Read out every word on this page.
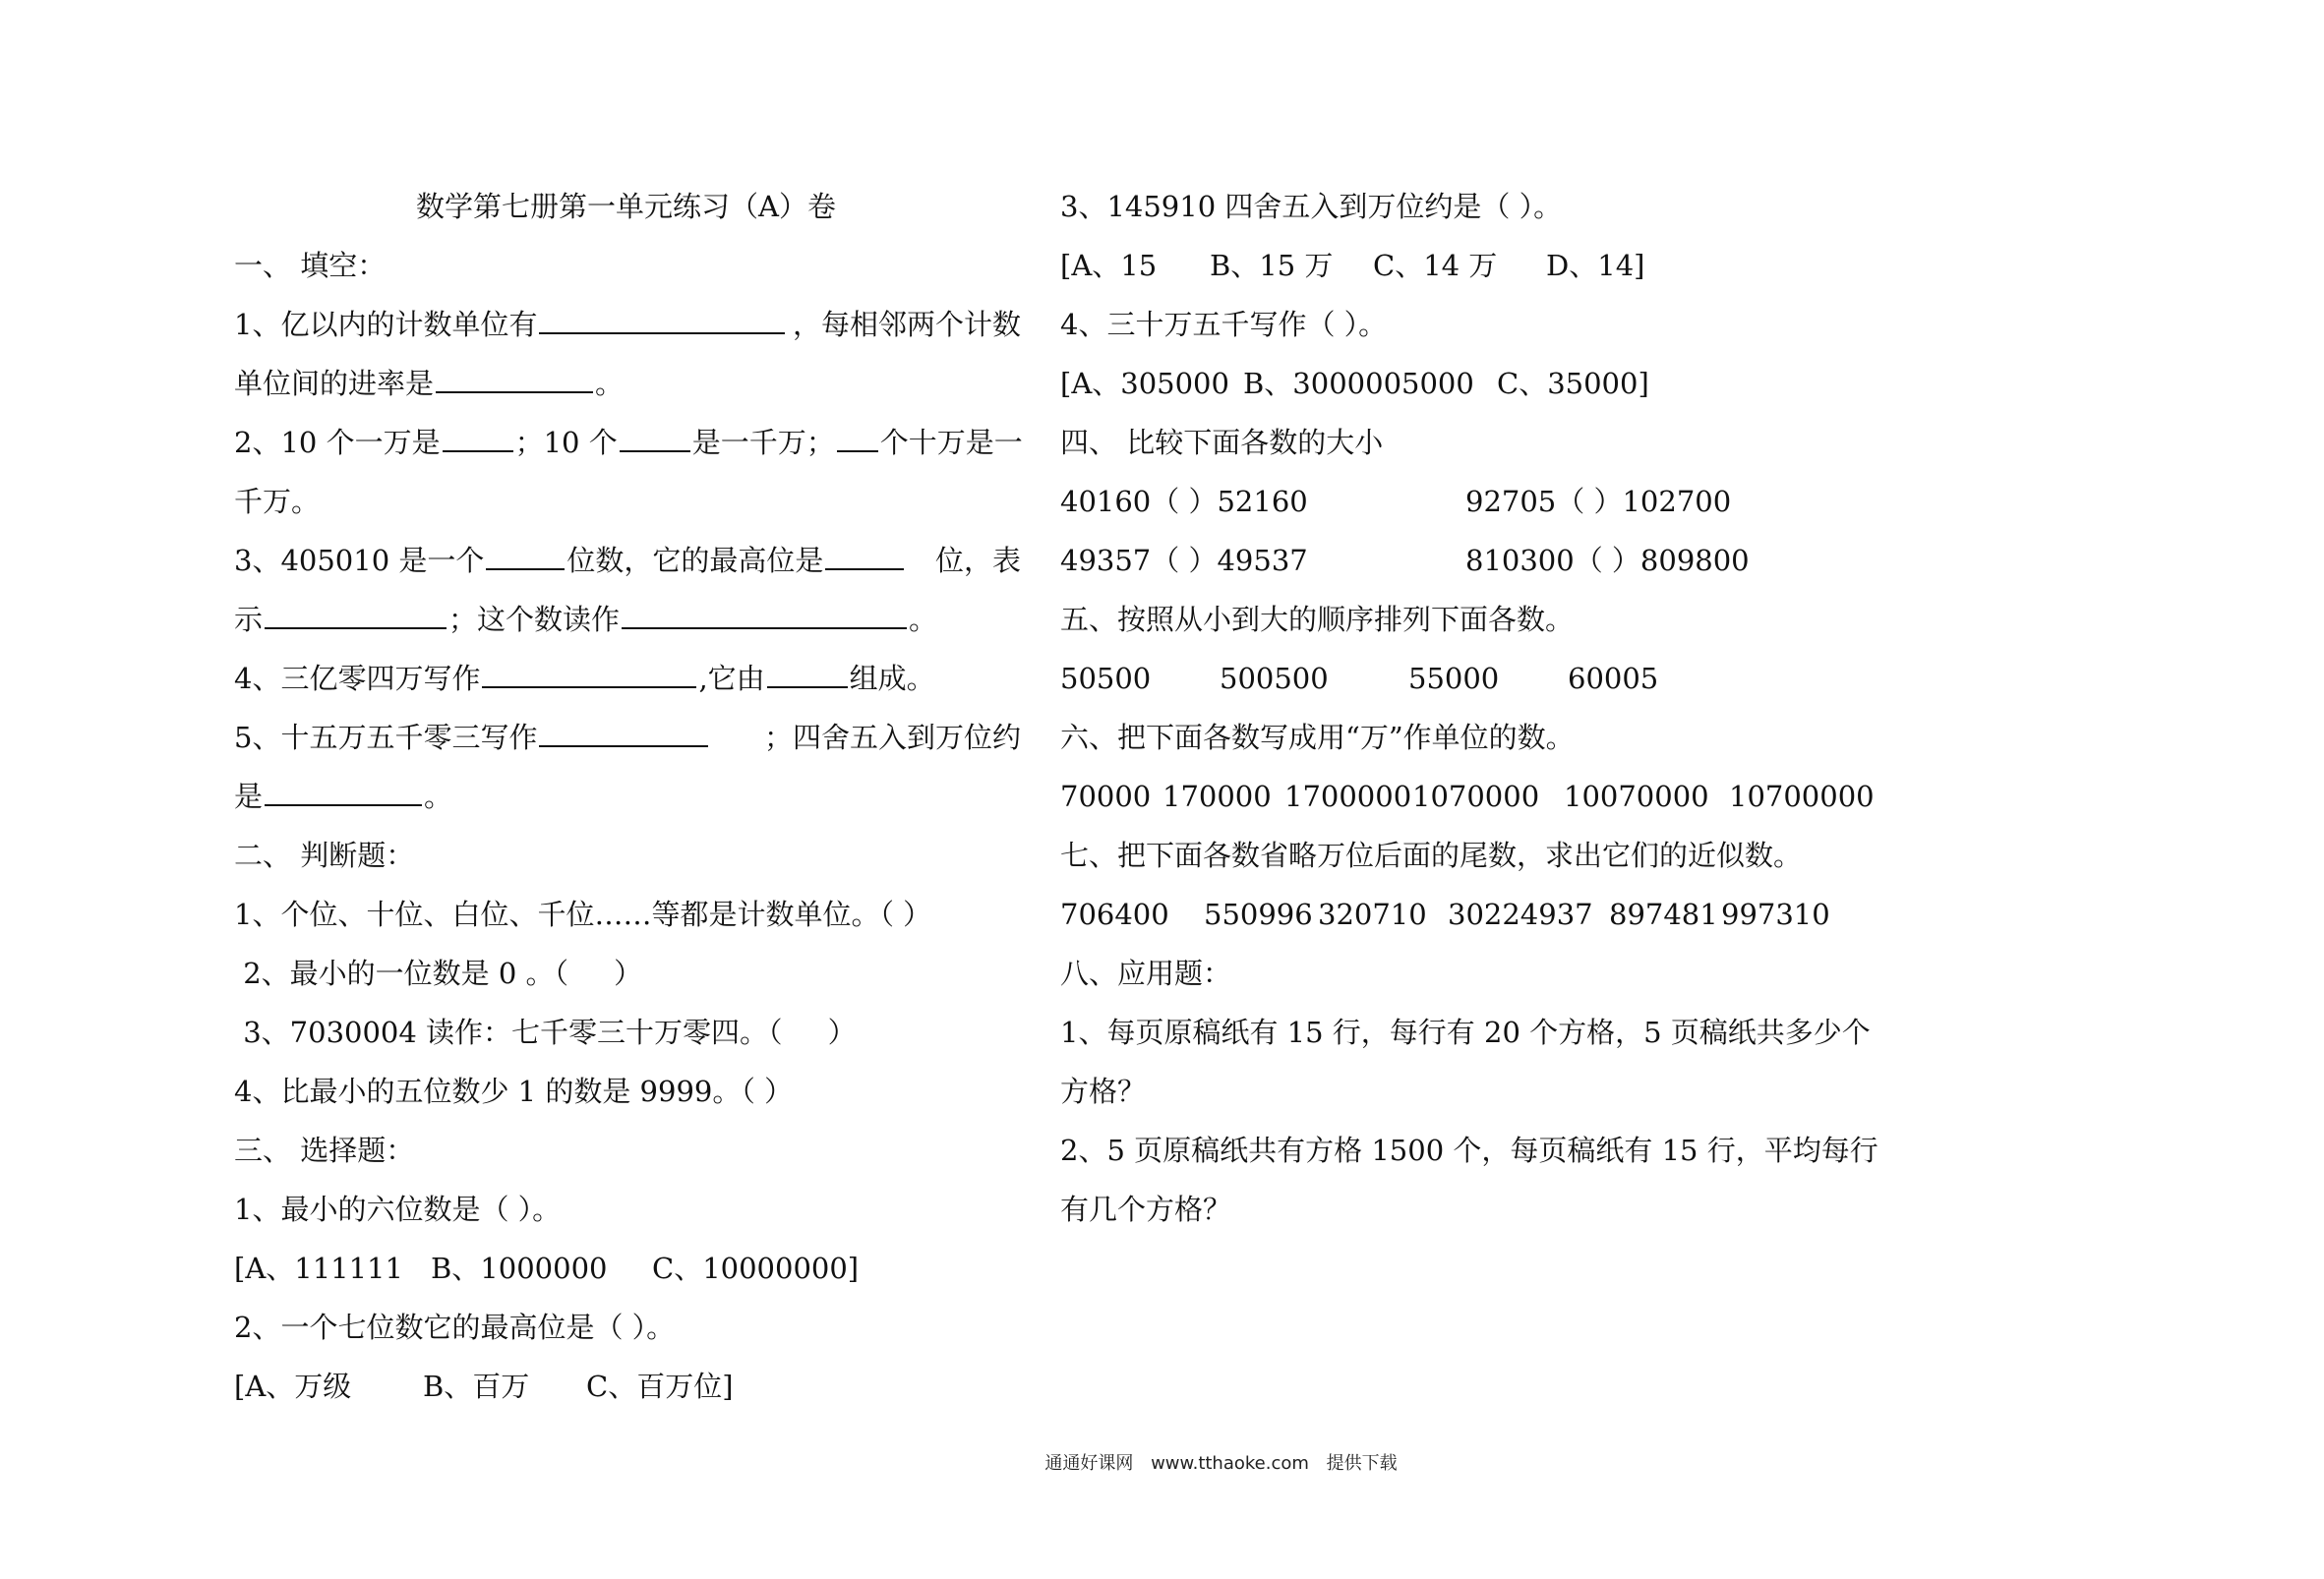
数学第七册第一单元练习（A）卷
一、 填空：
1、亿以内的计数单位有	，每相邻两个计数
单位间的进率是	。
2、10 个一万是	；10 个	是一千万； 个十万是一
千万。
3、405010 是一个	位数，它的最高位是	位，表
示	；这个数读作	。
4、三亿零四万写作	,它由	组成。
5、十五万五千零三写作	；四舍五入到万位约
是	。
二、 判断题：
1、个位、十位、白位、千位……等都是计数单位。（ ）
2、最小的一位数是 0 。（     ）
3、7030004 读作：七千零三十万零四。（     ）
4、比最小的五位数少 1 的数是 9999。（ ）
三、 选择题：
1、最小的六位数是（ ）。
[A、111111 B、1000000 C、10000000]
2、一个七位数它的最高位是（ ）。
[A、万级	B、百万 C、百万位]
3、145910 四舍五入到万位约是（ ）。
[A、15 B、15 万 C、14 万 D、14]
4、三十万五千写作（ ）。
[A、305000 B、3000005000 C、35000]
四、 比较下面各数的大小
40160（ ）52160	92705（ ）102700
49357（ ）49537	810300（ ）809800
五、按照从小到大的顺序排列下面各数。
50500 500500	55000 60005
六、把下面各数写成用“万”作单位的数。
70000 170000 1700000 1070000 10070000 10700000
七、把下面各数省略万位后面的尾数，求出它们的近似数。
706400 550996 320710 30224937 897481 997310
八、应用题：
1、每页原稿纸有 15 行，每行有 20 个方格，5 页稿纸共多少个
方格？
2、5 页原稿纸共有方格 1500 个，每页稿纸有 15 行，平均每行
有几个方格？
通通好课网 www.tthaoke.com 提供下载
